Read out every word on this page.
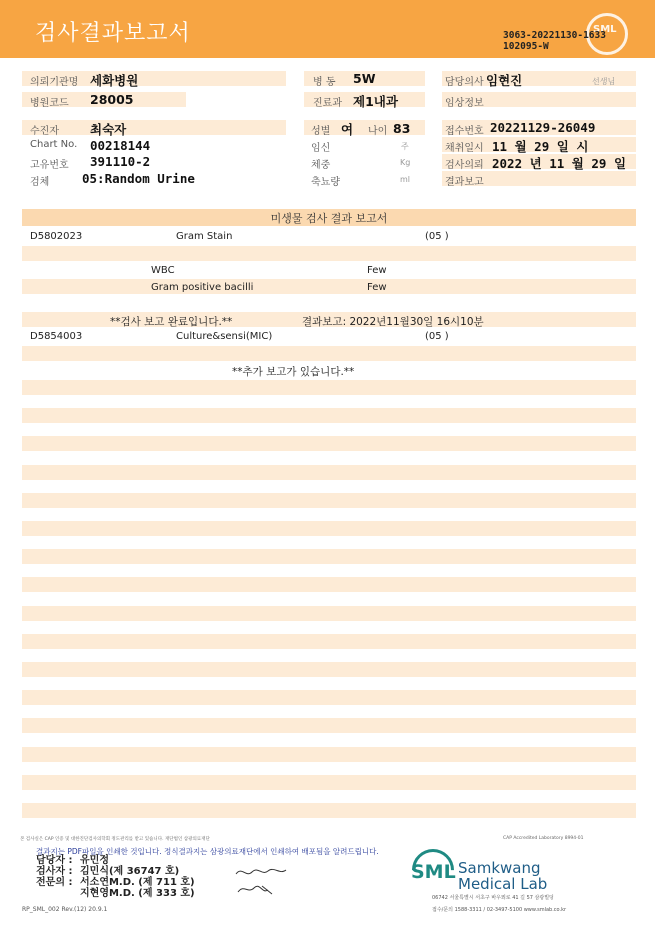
검사결과보고서	SML
3063-20221130-1633
102095-W
의뢰기관명 세화병원	병 동 5W	담당의사 임현진	선생님
병원코드 28005	진료과 제1내과	임상정보
수진자 최숙자	성별 여 나이 83	접수번호 20221129-26049
Chart No. 00218144	임신	주	채취일시 11 월 29 일 시
고유번호 391110-2	체중	Kg	검사의뢰 2022 년 11 월 29 일
검체	05:Random Urine	축뇨량	ml	결과보고
미생물 검사 결과 보고서
D5802023	Gram Stain	(05 )
WBC	Few
Gram positive bacilli	Few
**검사 보고 완료입니다.**	결과보고: 2022년11월30일 16시10분
D5854003	Culture&sensi(MIC)	(05 )
**추가 보고가 있습니다.**
본 검사실은 CAP 인증 및 대한진단검사의학회 정도관리를 받고 있습니다. 재단법인 삼광의료재단	CAP Accredited Laboratory 8994-01
결과지는 PDF파일을 인쇄한 것입니다. 정식결과지는 삼광의료재단에서 인쇄하여 배포됨을 알려드립니다.
담당자 : 유민정
검사자 : 김민식(제 36747 호)
전문의 : 서소연M.D. (제 711 호)
지현영M.D. (제 333 호)
RP_SML_002 Rev.(12) 20.9.1
SML Samkwang
Medical Lab
06742 서울특별시 서초구 바우뫼로 41 길 57 삼광빌딩
접수/문의 1588-3311 / 02-3497-5100 www.smlab.co.kr
